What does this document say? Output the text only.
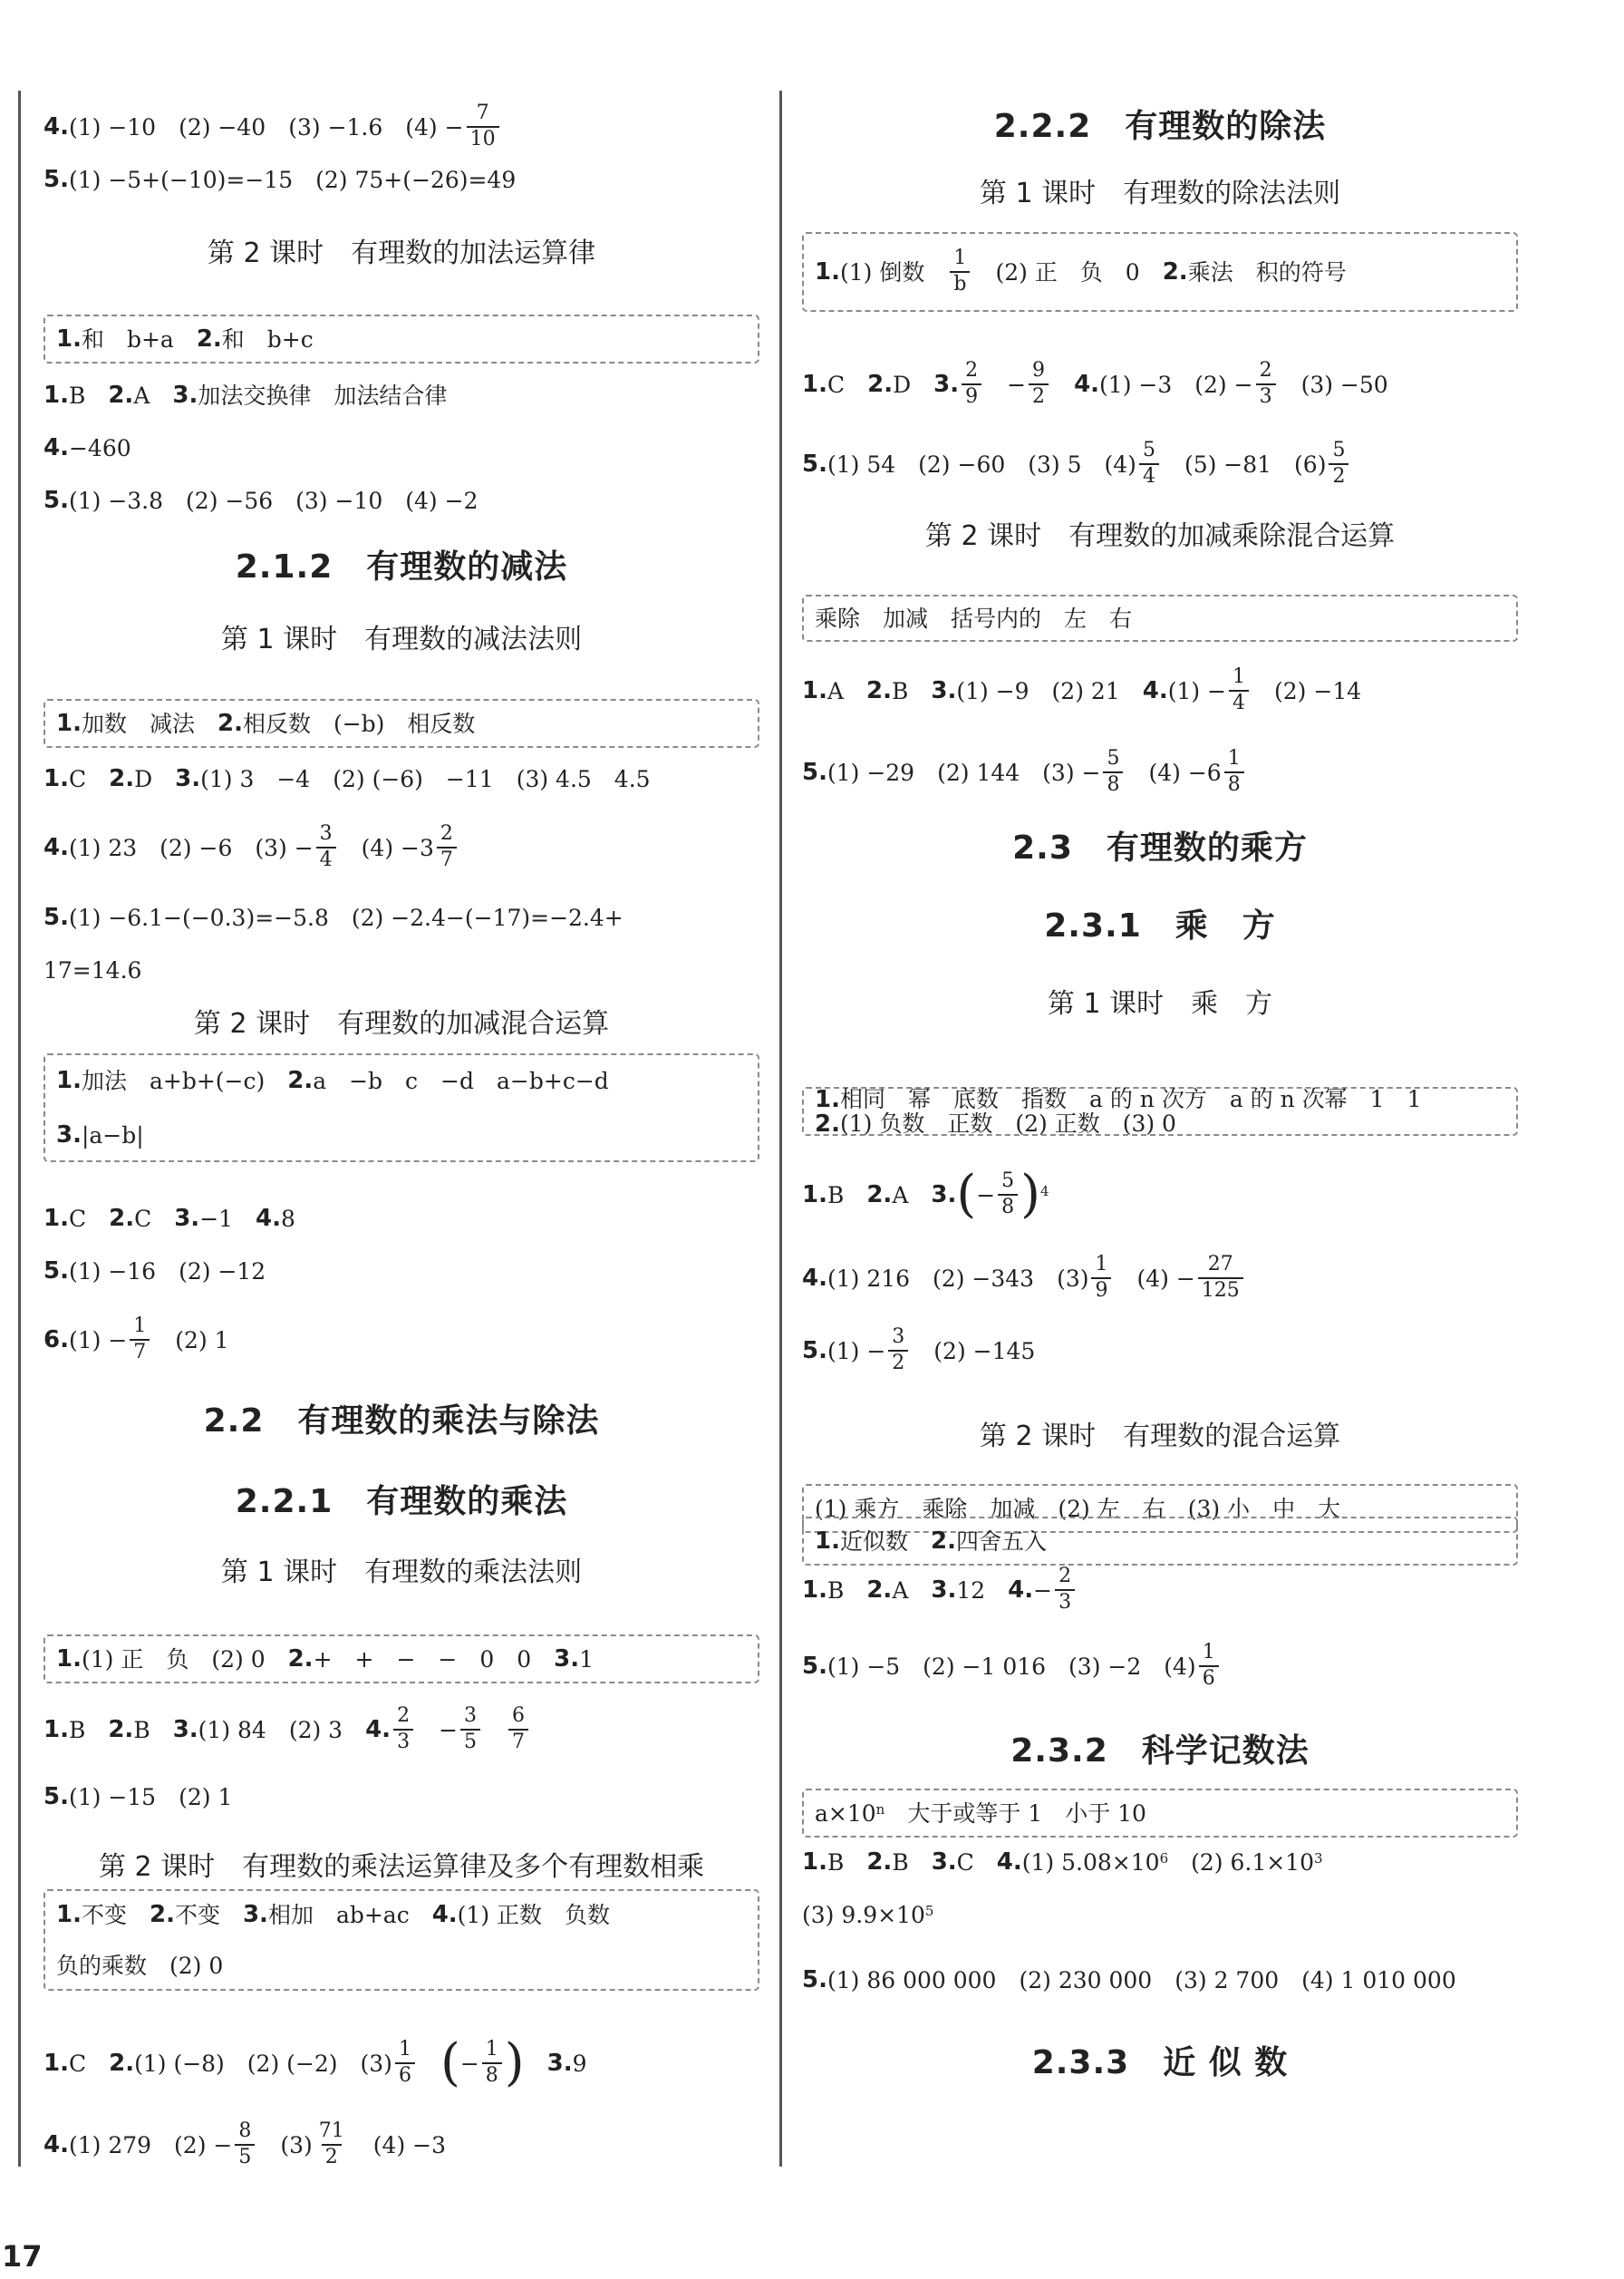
4. (1) −10　(2) −40　(3) −1.6　$(4) - \frac{7}{10}$
5. (1) −5+(−10)=−15　(2) 75+(−26)=49
第 2 课时　有理数的加法运算律
1. 和　b+a　 2. 和　b+c
1. B　 2. A　 3. 加法交换律　加法结合律
4. −460
5. (1) −3.8　(2) −56　(3) −10　(4) −2
2.1.2　有理数的减法
第 1 课时　有理数的减法法则
1. 加数　减法　 2. 相反数　(−b)　相反数
1. C　 2. D　 3. (1) 3　−4　(2) (−6)　−11　(3) 4.5　4.5
4. (1) 23　(2) −6　$(3) - \frac{3}{4}$ 　$(4) -3 \frac{2}{7}$
5. (1) −6.1−(−0.3)=−5.8　(2) −2.4−(−17)=−2.4+
17=14.6
第 2 课时　有理数的加减混合运算
1. 加法　a+b+(−c)　 2. a　−b　c　−d　a−b+c−d
3. |a−b|
1. C　 2. C　 3. −1　 4. 8
5. (1) −16　(2) −12
6. $(1) - \frac{1}{7}$ 　(2) 1
2.2　有理数的乘法与除法
2.2.1　有理数的乘法
第 1 课时　有理数的乘法法则
1. (1) 正　负　(2) 0　 2. +　+　−　−　0　0　 3. 1
1. B　 2. B　 3. (1) 84　(2) 3　 4. $\frac{2}{3}$ 　− $\frac{3}{5}$
　 $\frac{6}{7}$
5. (1) −15　(2) 1
第 2 课时　有理数的乘法运算律及多个有理数相乘
1. 不变　 2. 不变　 3. 相加　ab+ac　 4. (1) 正数　负数
负的乘数　(2) 0
1. C　 2. (1) (−8)　(2) (−2)　$(3) \frac{1}{6}$
　 ( − $\frac{1}{8}$ )
　 3. 9
4. (1) 279　$(2) - \frac{8}{5}$ 　$(3) \frac{71}{2}$ 　(4) −3
2.2.2　有理数的除法
第 1 课时　有理数的除法法则
1. (1) 倒数　 $\frac{1}{b}$ 　(2) 正　负　0　 2. 乘法　积的符号
1. C　 2. D　 3. $\frac{2}{9}$ 　− $\frac{9}{2}$
　 4. (1) −3　$(2) - \frac{2}{3}$ 　(3) −50
5. (1) 54　(2) −60　(3) 5　$(4) \frac{5}{4}$ 　(5) −81　$(6) \frac{5}{2}$
第 2 课时　有理数的加减乘除混合运算
乘除　加减　括号内的　左　右
1. A　 2. B　 3. (1) −9　(2) 21　 4. $(1) - \frac{1}{4}$ 　(2) −14
5. (1) −29　(2) 144　$(3) - \frac{5}{8}$ 　$(4) -6 \frac{1}{8}$
2.3　有理数的乘方
2.3.1　乘　方
第 1 课时　乘　方
1. 相同　幂　底数　指数　a 的 n 次方　a 的 n 次幂　1　1
2. (1) 负数　正数　(2) 正数　(3) 0
1. B　 2. A　 3. ( − $\frac{5}{8} )^4$
4. (1) 216　(2) −343　$(3) \frac{1}{9}$ 　$(4) - \frac{27}{125}$
5. $(1) - \frac{3}{2}$ 　(2) −145
第 2 课时　有理数的混合运算
(1) 乘方　乘除　加减　(2) 左　右　(3) 小　中　大
1. B　 2. A　 3. 12　 4. − $\frac{2}{3}$
5. (1) −5　(2) −1 016　(3) −2　$(4) \frac{1}{6}$
2.3.2　科学记数法
$a\times 10^n$ 　大于或等于 1　小于 10
1. B　 2. B　 3. C　 4. (1) $5.08\times 10^6$ 　(2) $6.1\times 10^3$
(3) $9.9\times 10^5$
5. (1) 86 000 000　(2) 230 000　(3) 2 700　(4) 1 010 000
2.3.3　近 似 数
1. 近似数　 2. 四舍五入
17
